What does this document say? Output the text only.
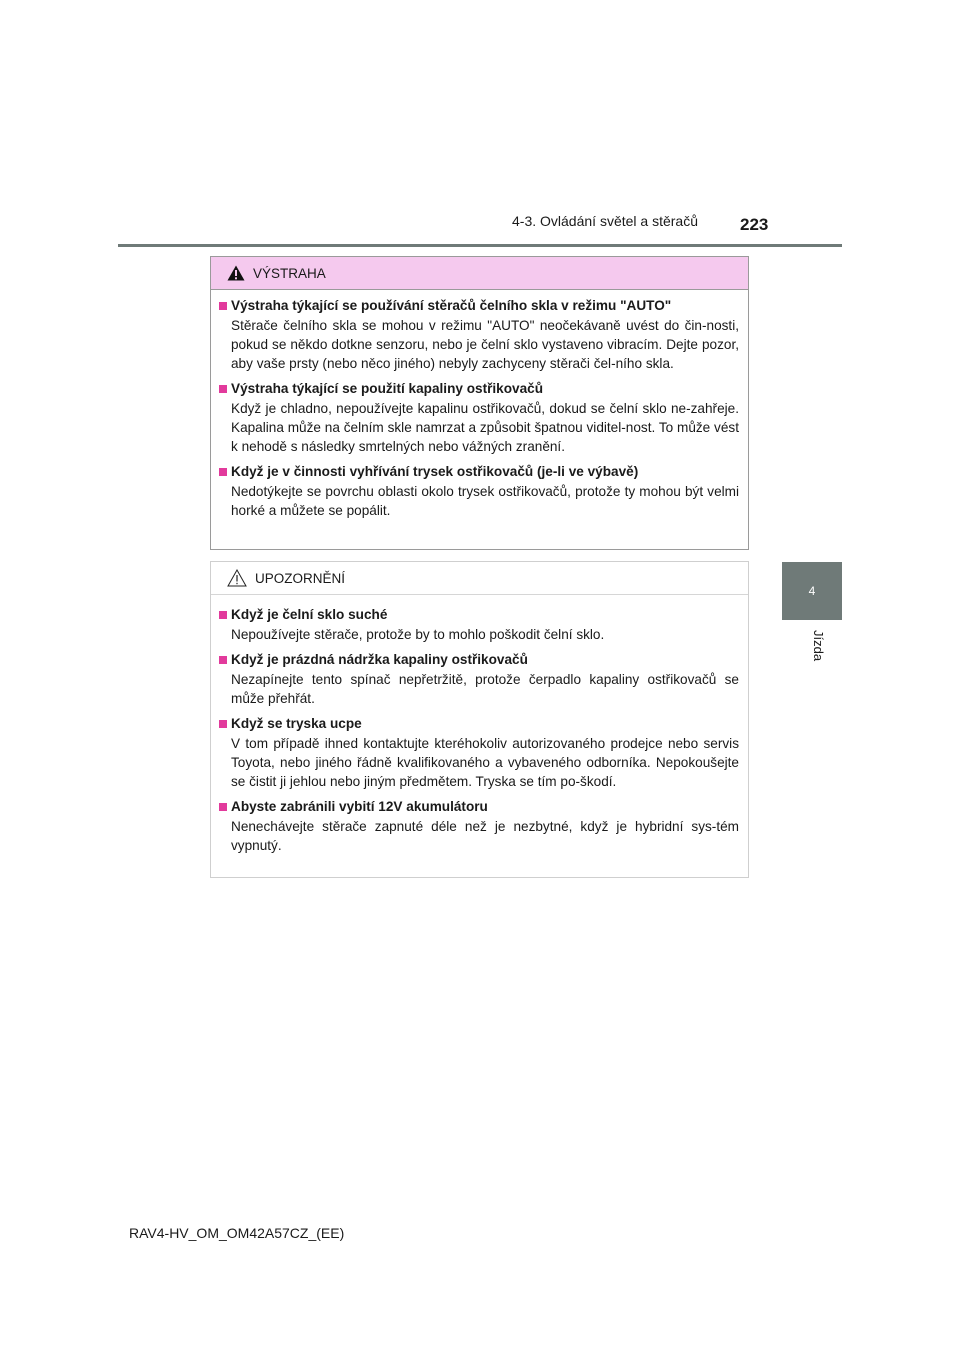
4-3. Ovládání světel a stěračů 223
4
Jízda
VÝSTRAHA
Výstraha týkající se používání stěračů čelního skla v režimu "AUTO"
Stěrače čelního skla se mohou v režimu "AUTO" neočekávaně uvést do čin-nosti, pokud se někdo dotkne senzoru, nebo je čelní sklo vystaveno vibracím. Dejte pozor, aby vaše prsty (nebo něco jiného) nebyly zachyceny stěrači čel-ního skla.
Výstraha týkající se použití kapaliny ostřikovačů
Když je chladno, nepoužívejte kapalinu ostřikovačů, dokud se čelní sklo ne-zahřeje. Kapalina může na čelním skle namrzat a způsobit špatnou viditel-nost. To může vést k nehodě s následky smrtelných nebo vážných zranění.
Když je v činnosti vyhřívání trysek ostřikovačů (je-li ve výbavě)
Nedotýkejte se povrchu oblasti okolo trysek ostřikovačů, protože ty mohou být velmi horké a můžete se popálit.
UPOZORNĚNÍ
Když je čelní sklo suché
Nepoužívejte stěrače, protože by to mohlo poškodit čelní sklo.
Když je prázdná nádržka kapaliny ostřikovačů
Nezapínejte tento spínač nepřetržitě, protože čerpadlo kapaliny ostřikovačů se může přehřát.
Když se tryska ucpe
V tom případě ihned kontaktujte kteréhokoliv autorizovaného prodejce nebo servis Toyota, nebo jiného řádně kvalifikovaného a vybaveného odborníka. Nepokoušejte se čistit ji jehlou nebo jiným předmětem. Tryska se tím po-škodí.
Abyste zabránili vybití 12V akumulátoru
Nenechávejte stěrače zapnuté déle než je nezbytné, když je hybridní sys-tém vypnutý.
RAV4-HV_OM_OM42A57CZ_(EE)
